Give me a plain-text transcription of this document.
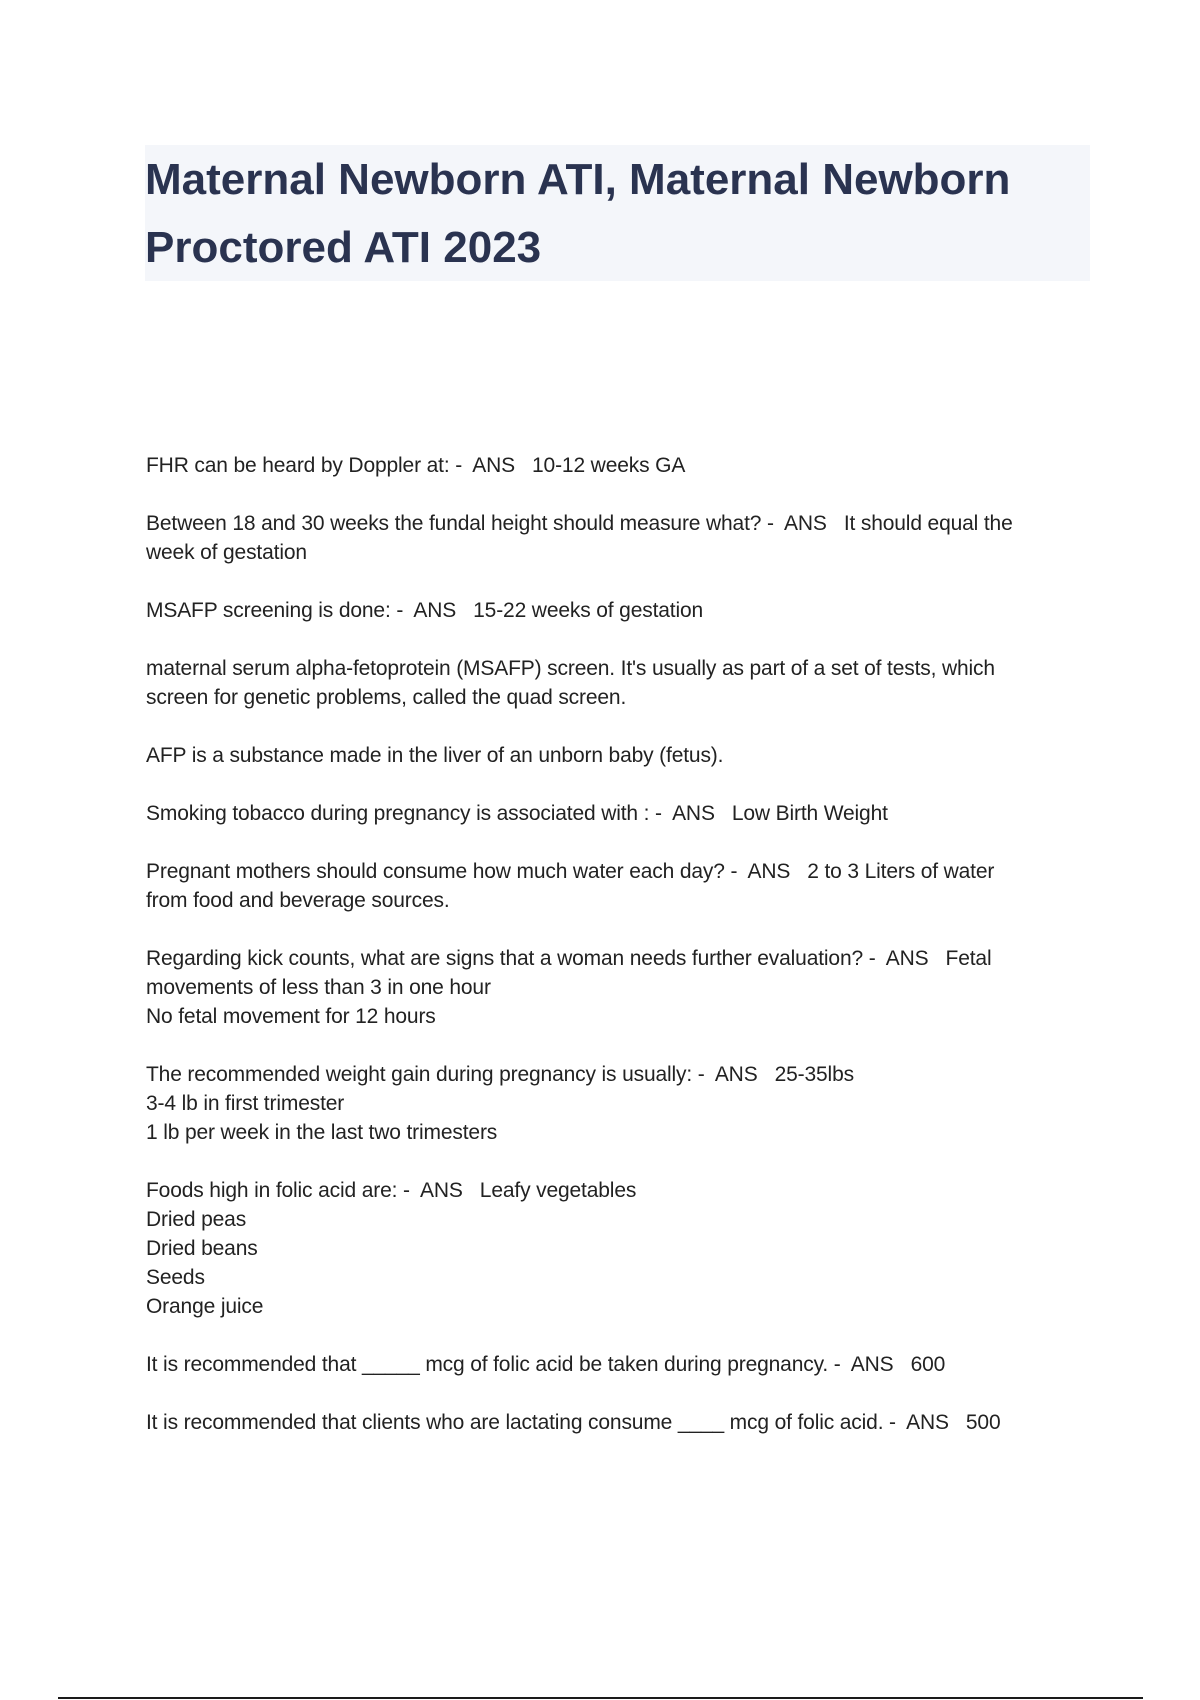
Maternal Newborn ATI, Maternal Newborn
Proctored ATI 2023

FHR can be heard by Doppler at: -  ANS   10-12 weeks GA

Between 18 and 30 weeks the fundal height should measure what? -  ANS   It should equal the
week of gestation

MSAFP screening is done: -  ANS   15-22 weeks of gestation

maternal serum alpha-fetoprotein (MSAFP) screen. It's usually as part of a set of tests, which
screen for genetic problems, called the quad screen.

AFP is a substance made in the liver of an unborn baby (fetus).

Smoking tobacco during pregnancy is associated with : -  ANS   Low Birth Weight

Pregnant mothers should consume how much water each day? -  ANS   2 to 3 Liters of water
from food and beverage sources.

Regarding kick counts, what are signs that a woman needs further evaluation? -  ANS   Fetal
movements of less than 3 in one hour
No fetal movement for 12 hours

The recommended weight gain during pregnancy is usually: -  ANS   25-35lbs
3-4 lb in first trimester
1 lb per week in the last two trimesters

Foods high in folic acid are: -  ANS   Leafy vegetables
Dried peas
Dried beans
Seeds
Orange juice

It is recommended that _____ mcg of folic acid be taken during pregnancy. -  ANS   600

It is recommended that clients who are lactating consume ____ mcg of folic acid. -  ANS   500
